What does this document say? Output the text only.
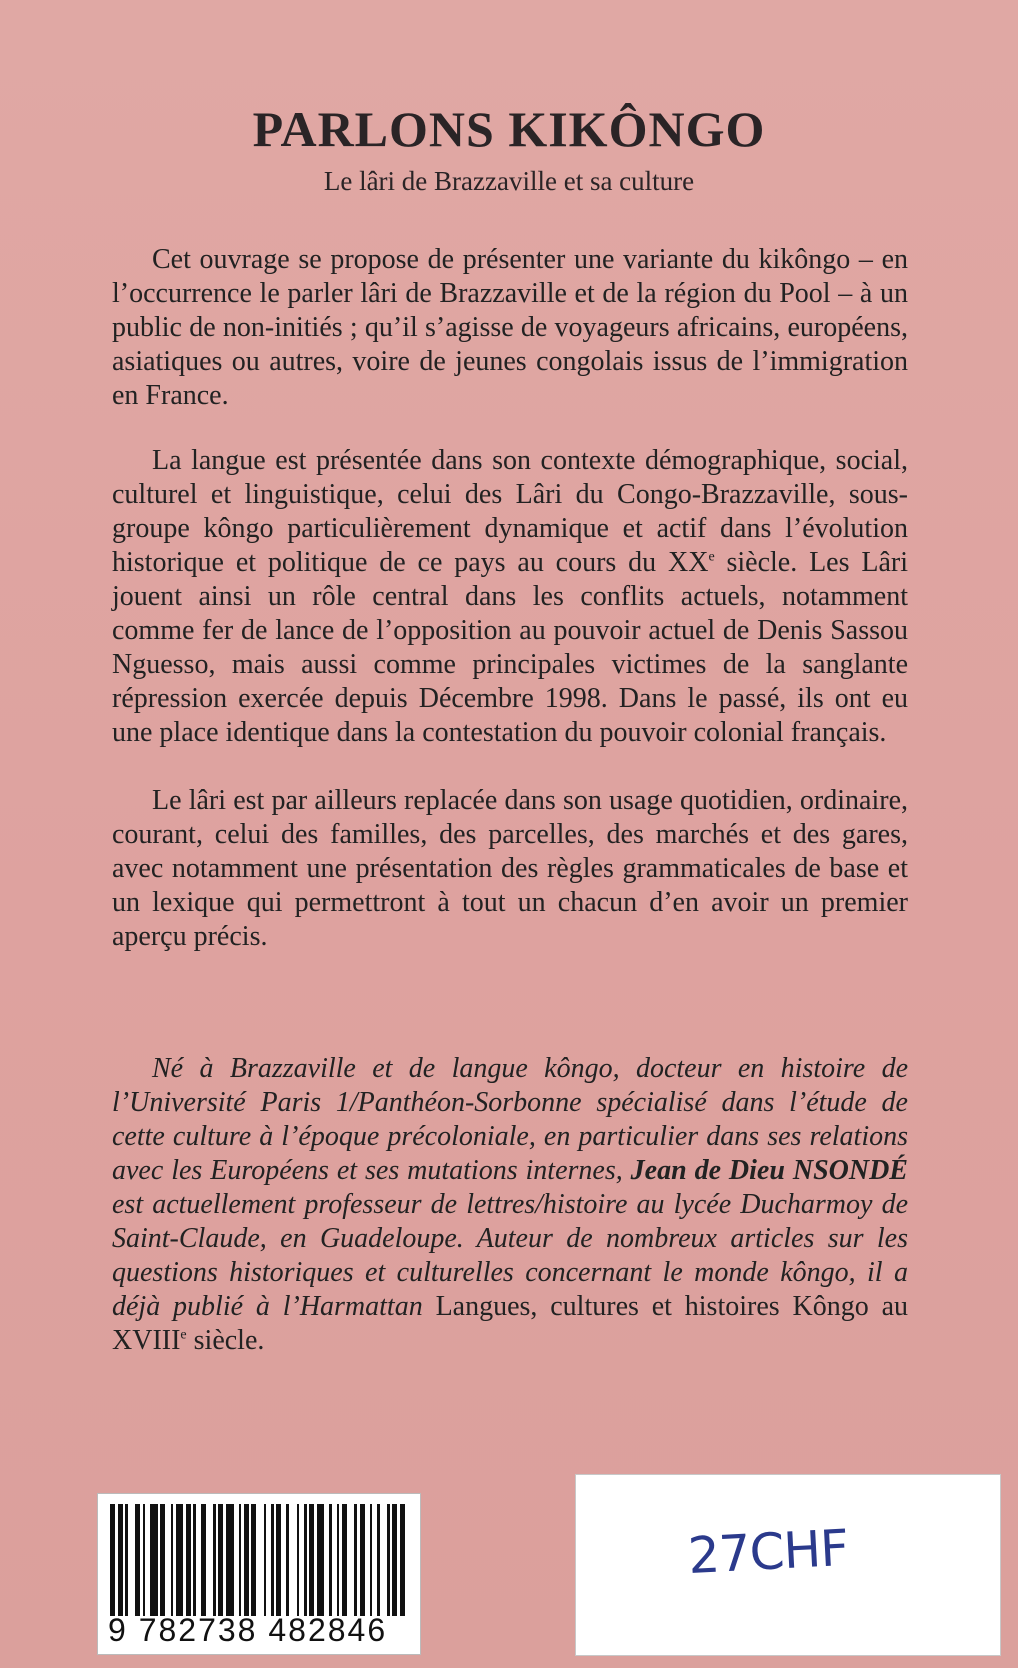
PARLONS KIKÔNGO
Le lâri de Brazzaville et sa culture

Cet ouvrage se propose de présenter une variante du kikôngo – en l’occurrence le parler lâri de Brazzaville et de la région du Pool – à un public de non-initiés ; qu’il s’agisse de voyageurs africains, européens, asiatiques ou autres, voire de jeunes congolais issus de l’immigration en France.

La langue est présentée dans son contexte démographique, social, culturel et linguistique, celui des Lâri du Congo-Brazzaville, sous-groupe kôngo particulièrement dynamique et actif dans l’évolution historique et politique de ce pays au cours du XXe siècle. Les Lâri jouent ainsi un rôle central dans les conflits actuels, notamment comme fer de lance de l’opposition au pouvoir actuel de Denis Sassou Nguesso, mais aussi comme principales victimes de la sanglante répression exercée depuis Décembre 1998. Dans le passé, ils ont eu une place identique dans la contestation du pouvoir colonial français.

Le lâri est par ailleurs replacée dans son usage quotidien, ordinaire, courant, celui des familles, des parcelles, des marchés et des gares, avec notamment une présentation des règles grammaticales de base et un lexique qui permettront à tout un chacun d’en avoir un premier aperçu précis.

Né à Brazzaville et de langue kôngo, docteur en histoire de l’Université Paris 1/Panthéon-Sorbonne spécialisé dans l’étude de cette culture à l’époque précoloniale, en particulier dans ses relations avec les Européens et ses mutations internes, Jean de Dieu NSONDÉ est actuellement professeur de lettres/histoire au lycée Ducharmoy de Saint-Claude, en Guadeloupe. Auteur de nombreux articles sur les questions historiques et culturelles concernant le monde kôngo, il a déjà publié à l’Harmattan Langues, cultures et histoires Kôngo au XVIIIe siècle.

9 782738 482846
27CHF
